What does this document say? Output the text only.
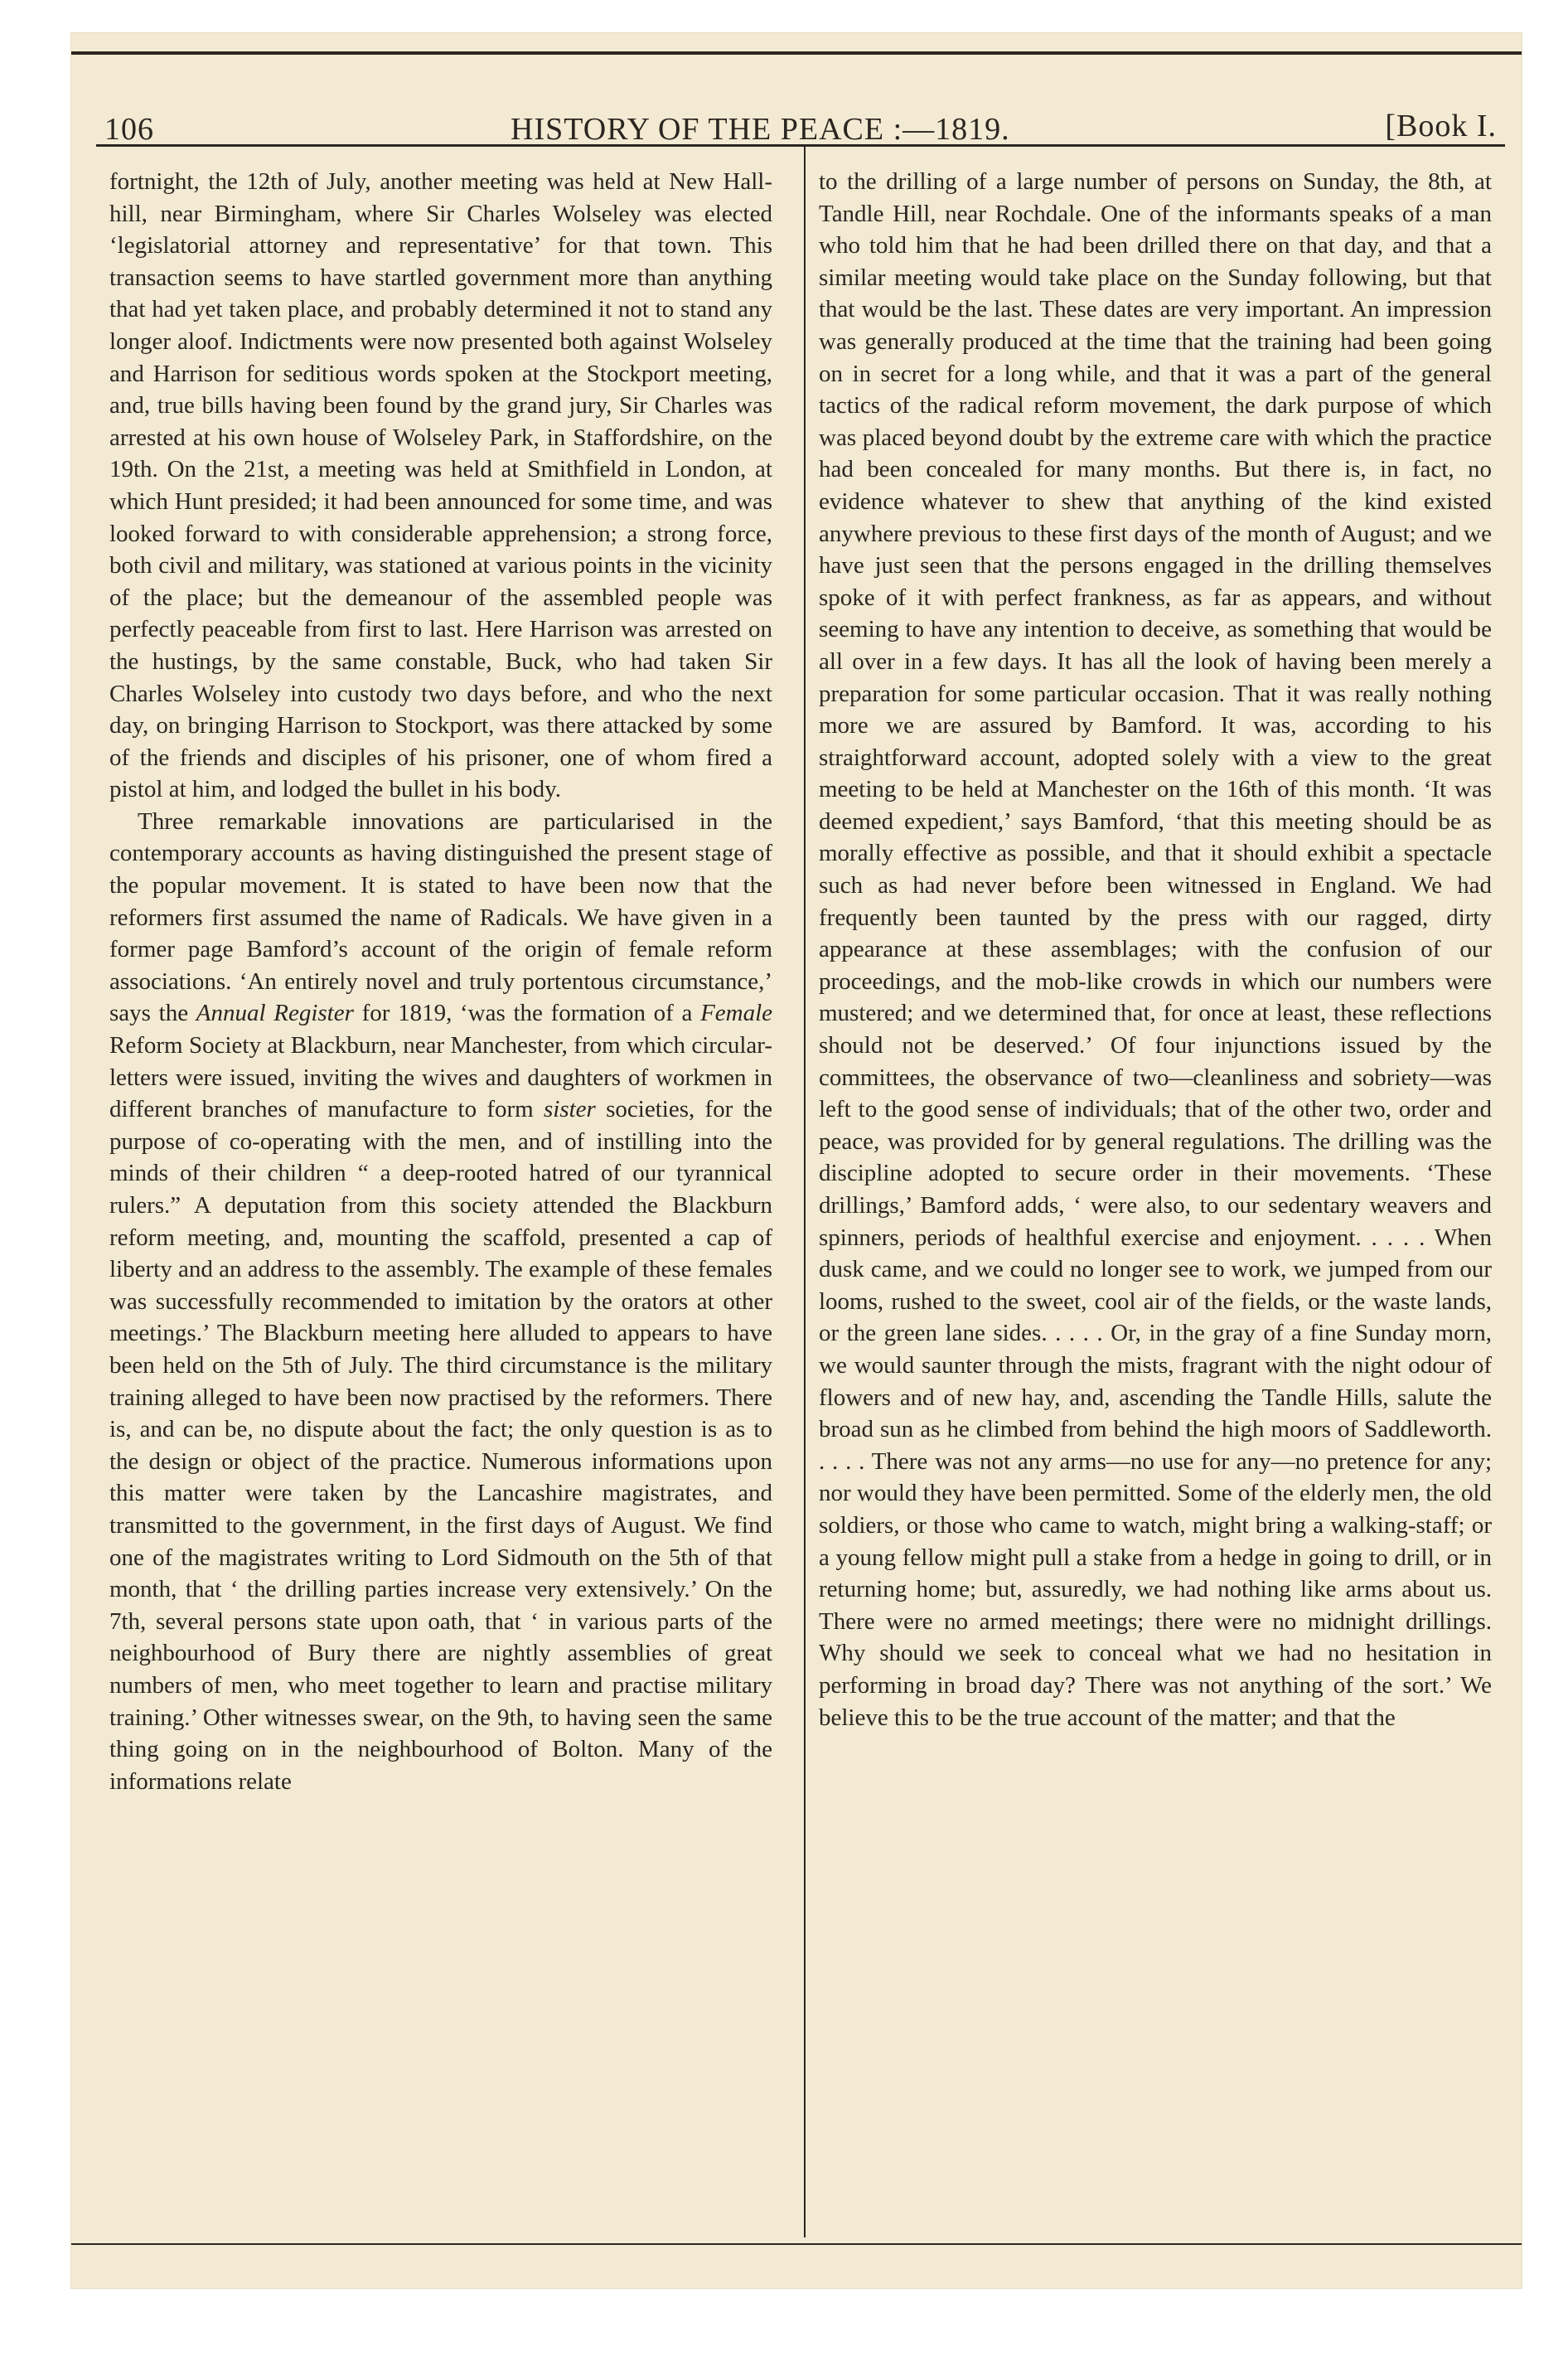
106	HISTORY OF THE PEACE :—1819.	[Book I.

fortnight, the 12th of July, another meeting was held at New Hall-hill, near Birmingham, where Sir Charles Wolseley was elected ‘legislatorial attorney and representative’ for that town. This transaction seems to have startled government more than anything that had yet taken place, and probably determined it not to stand any longer aloof. Indictments were now presented both against Wolseley and Harrison for seditious words spoken at the Stockport meeting, and, true bills having been found by the grand jury, Sir Charles was arrested at his own house of Wolseley Park, in Staffordshire, on the 19th. On the 21st, a meeting was held at Smithfield in London, at which Hunt presided; it had been announced for some time, and was looked forward to with considerable apprehension; a strong force, both civil and military, was stationed at various points in the vicinity of the place; but the demeanour of the assembled people was perfectly peaceable from first to last. Here Harrison was arrested on the hustings, by the same constable, Buck, who had taken Sir Charles Wolseley into custody two days before, and who the next day, on bringing Harrison to Stockport, was there attacked by some of the friends and disciples of his prisoner, one of whom fired a pistol at him, and lodged the bullet in his body.

Three remarkable innovations are particularised in the contemporary accounts as having distinguished the present stage of the popular movement. It is stated to have been now that the reformers first assumed the name of Radicals. We have given in a former page Bamford’s account of the origin of female reform associations. ‘An entirely novel and truly portentous circumstance,’ says the Annual Register for 1819, ‘was the formation of a Female Reform Society at Blackburn, near Manchester, from which circular-letters were issued, inviting the wives and daughters of workmen in different branches of manufacture to form sister societies, for the purpose of co-operating with the men, and of instilling into the minds of their children “ a deep-rooted hatred of our tyrannical rulers.” A deputation from this society attended the Blackburn reform meeting, and, mounting the scaffold, presented a cap of liberty and an address to the assembly. The example of these females was successfully recommended to imitation by the orators at other meetings.’ The Blackburn meeting here alluded to appears to have been held on the 5th of July. The third circumstance is the military training alleged to have been now practised by the reformers. There is, and can be, no dispute about the fact; the only question is as to the design or object of the practice. Numerous informations upon this matter were taken by the Lancashire magistrates, and transmitted to the government, in the first days of August. We find one of the magistrates writing to Lord Sidmouth on the 5th of that month, that ‘ the drilling parties increase very extensively.’ On the 7th, several persons state upon oath, that ‘ in various parts of the neighbourhood of Bury there are nightly assemblies of great numbers of men, who meet together to learn and practise military training.’ Other witnesses swear, on the 9th, to having seen the same thing going on in the neighbourhood of Bolton. Many of the informations relate

to the drilling of a large number of persons on Sunday, the 8th, at Tandle Hill, near Rochdale. One of the informants speaks of a man who told him that he had been drilled there on that day, and that a similar meeting would take place on the Sunday following, but that that would be the last. These dates are very important. An impression was generally produced at the time that the training had been going on in secret for a long while, and that it was a part of the general tactics of the radical reform movement, the dark purpose of which was placed beyond doubt by the extreme care with which the practice had been concealed for many months. But there is, in fact, no evidence whatever to shew that anything of the kind existed anywhere previous to these first days of the month of August; and we have just seen that the persons engaged in the drilling themselves spoke of it with perfect frankness, as far as appears, and without seeming to have any intention to deceive, as something that would be all over in a few days. It has all the look of having been merely a preparation for some particular occasion. That it was really nothing more we are assured by Bamford. It was, according to his straightforward account, adopted solely with a view to the great meeting to be held at Manchester on the 16th of this month. ‘It was deemed expedient,’ says Bamford, ‘that this meeting should be as morally effective as possible, and that it should exhibit a spectacle such as had never before been witnessed in England. We had frequently been taunted by the press with our ragged, dirty appearance at these assemblages; with the confusion of our proceedings, and the mob-like crowds in which our numbers were mustered; and we determined that, for once at least, these reflections should not be deserved.’ Of four injunctions issued by the committees, the observance of two—cleanliness and sobriety—was left to the good sense of individuals; that of the other two, order and peace, was provided for by general regulations. The drilling was the discipline adopted to secure order in their movements. ‘These drillings,’ Bamford adds, ‘ were also, to our sedentary weavers and spinners, periods of healthful exercise and enjoyment. . . . . When dusk came, and we could no longer see to work, we jumped from our looms, rushed to the sweet, cool air of the fields, or the waste lands, or the green lane sides. . . . . Or, in the gray of a fine Sunday morn, we would saunter through the mists, fragrant with the night odour of flowers and of new hay, and, ascending the Tandle Hills, salute the broad sun as he climbed from behind the high moors of Saddleworth. . . . . There was not any arms—no use for any—no pretence for any; nor would they have been permitted. Some of the elderly men, the old soldiers, or those who came to watch, might bring a walking-staff; or a young fellow might pull a stake from a hedge in going to drill, or in returning home; but, assuredly, we had nothing like arms about us. There were no armed meetings; there were no midnight drillings. Why should we seek to conceal what we had no hesitation in performing in broad day? There was not anything of the sort.’ We believe this to be the true account of the matter; and that the
